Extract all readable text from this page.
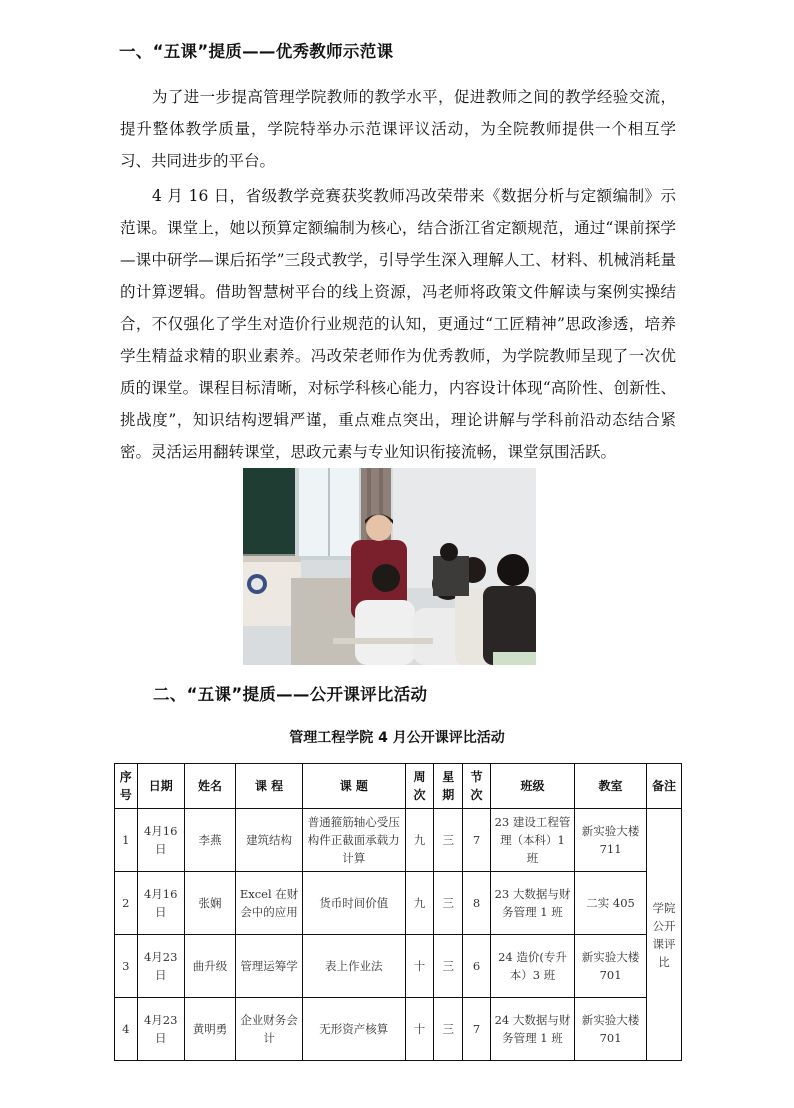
一、“五课”提质——优秀教师示范课
为了进一步提高管理学院教师的教学水平，促进教师之间的教学经验交流，提升整体教学质量，学院特举办示范课评议活动，为全院教师提供一个相互学习、共同进步的平台。
4 月 16 日，省级教学竞赛获奖教师冯改荣带来《数据分析与定额编制》示范课。课堂上，她以预算定额编制为核心，结合浙江省定额规范，通过“课前探学—课中研学—课后拓学”三段式教学，引导学生深入理解人工、材料、机械消耗量的计算逻辑。借助智慧树平台的线上资源，冯老师将政策文件解读与案例实操结合，不仅强化了学生对造价行业规范的认知，更通过“工匠精神”思政渗透，培养学生精益求精的职业素养。冯改荣老师作为优秀教师，为学院教师呈现了一次优质的课堂。课程目标清晰，对标学科核心能力，内容设计体现“高阶性、创新性、挑战度”，知识结构逻辑严谨，重点难点突出，理论讲解与学科前沿动态结合紧密。灵活运用翻转课堂，思政元素与专业知识衔接流畅，课堂氛围活跃。
二、“五课”提质——公开课评比活动
管理工程学院 4 月公开课评比活动
序号	日期	姓名	课 程	课 题	周次	星期	节次	班级	教室	备注
1	4月16日	李燕	建筑结构	普通箍筋轴心受压构件正截面承载力计算	九	三	7	23 建设工程管理（本科）1 班	新实验大楼 711	学院公开课评比
2	4月16日	张娴	Excel 在财会中的应用	货币时间价值	九	三	8	23 大数据与财务管理 1 班	二实 405	
3	4月23日	曲升级	管理运筹学	表上作业法	十	三	6	24 造价(专升本）3 班	新实验大楼 701	
4	4月23日	黄明勇	企业财务会计	无形资产核算	十	三	7	24 大数据与财务管理 1 班	新实验大楼 701	
